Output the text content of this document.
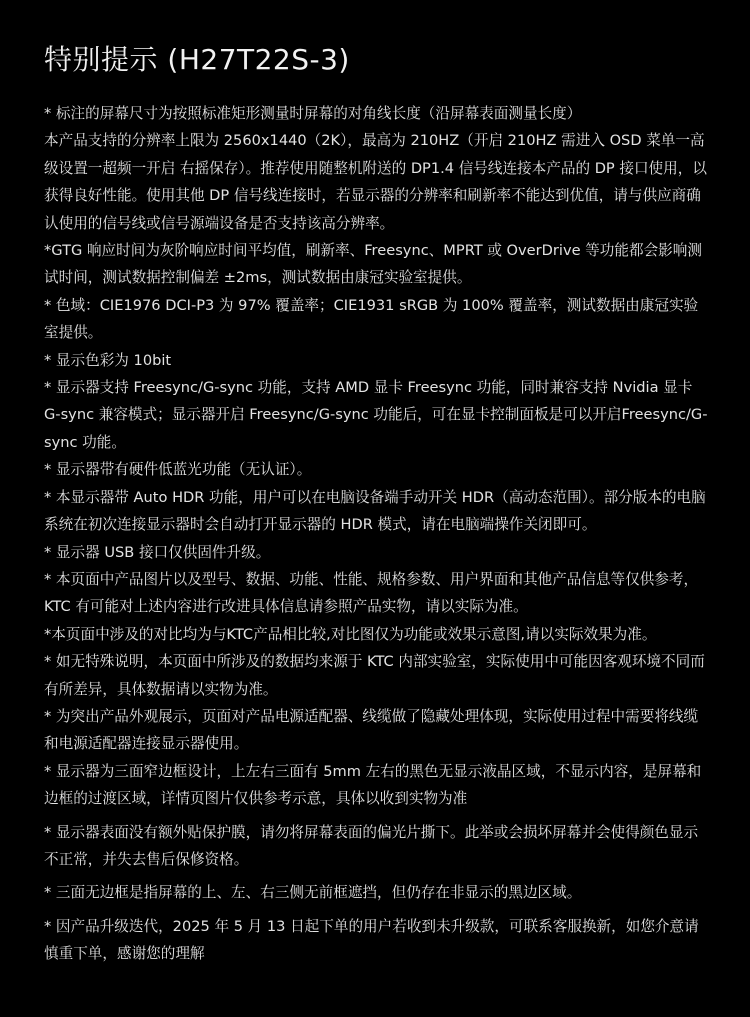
特别提示 (H27T22S-3)

* 标注的屏幕尺寸为按照标准矩形测量时屏幕的对角线长度（沿屏幕表面测量长度）

本产品支持的分辨率上限为 2560x1440（2K），最高为 210HZ（开启 210HZ 需进入 OSD 菜单一高级设置一超频一开启 右摇保存）。推荐使用随整机附送的 DP1.4 信号线连接本产品的 DP 接口使用，以获得良好性能。使用其他 DP 信号线连接时，若显示器的分辨率和刷新率不能达到优值，请与供应商确认使用的信号线或信号源端设备是否支持该高分辨率。

*GTG 响应时间为灰阶响应时间平均值，刷新率、Freesync、MPRT 或 OverDrive 等功能都会影响测试时间，测试数据控制偏差 ±2ms，测试数据由康冠实验室提供。

* 色域：CIE1976 DCI-P3 为 97% 覆盖率；CIE1931 sRGB 为 100% 覆盖率，测试数据由康冠实验室提供。

* 显示色彩为 10bit

* 显示器支持 Freesync/G-sync 功能，支持 AMD 显卡 Freesync 功能，同时兼容支持 Nvidia 显卡 G-sync 兼容模式；显示器开启 Freesync/G-sync 功能后，可在显卡控制面板是可以开启Freesync/G-sync 功能。

* 显示器带有硬件低蓝光功能（无认证）。

* 本显示器带 Auto HDR 功能，用户可以在电脑设备端手动开关 HDR（高动态范围）。部分版本的电脑系统在初次连接显示器时会自动打开显示器的 HDR 模式，请在电脑端操作关闭即可。

* 显示器 USB 接口仅供固件升级。

* 本页面中产品图片以及型号、数据、功能、性能、规格参数、用户界面和其他产品信息等仅供参考，KTC 有可能对上述内容进行改进具体信息请参照产品实物，请以实际为准。

*本页面中涉及的对比均为与KTC产品相比较,对比图仅为功能或效果示意图,请以实际效果为准。

* 如无特殊说明，本页面中所涉及的数据均来源于 KTC 内部实验室，实际使用中可能因客观环境不同而有所差异，具体数据请以实物为准。

* 为突出产品外观展示，页面对产品电源适配器、线缆做了隐藏处理体现，实际使用过程中需要将线缆和电源适配器连接显示器使用。

* 显示器为三面窄边框设计，上左右三面有 5mm 左右的黑色无显示液晶区域，不显示内容，是屏幕和边框的过渡区域，详情页图片仅供参考示意，具体以收到实物为准

* 显示器表面没有额外贴保护膜，请勿将屏幕表面的偏光片撕下。此举或会损坏屏幕并会使得颜色显示不正常，并失去售后保修资格。

* 三面无边框是指屏幕的上、左、右三侧无前框遮挡，但仍存在非显示的黑边区域。

* 因产品升级迭代，2025 年 5 月 13 日起下单的用户若收到未升级款，可联系客服换新，如您介意请慎重下单，感谢您的理解
